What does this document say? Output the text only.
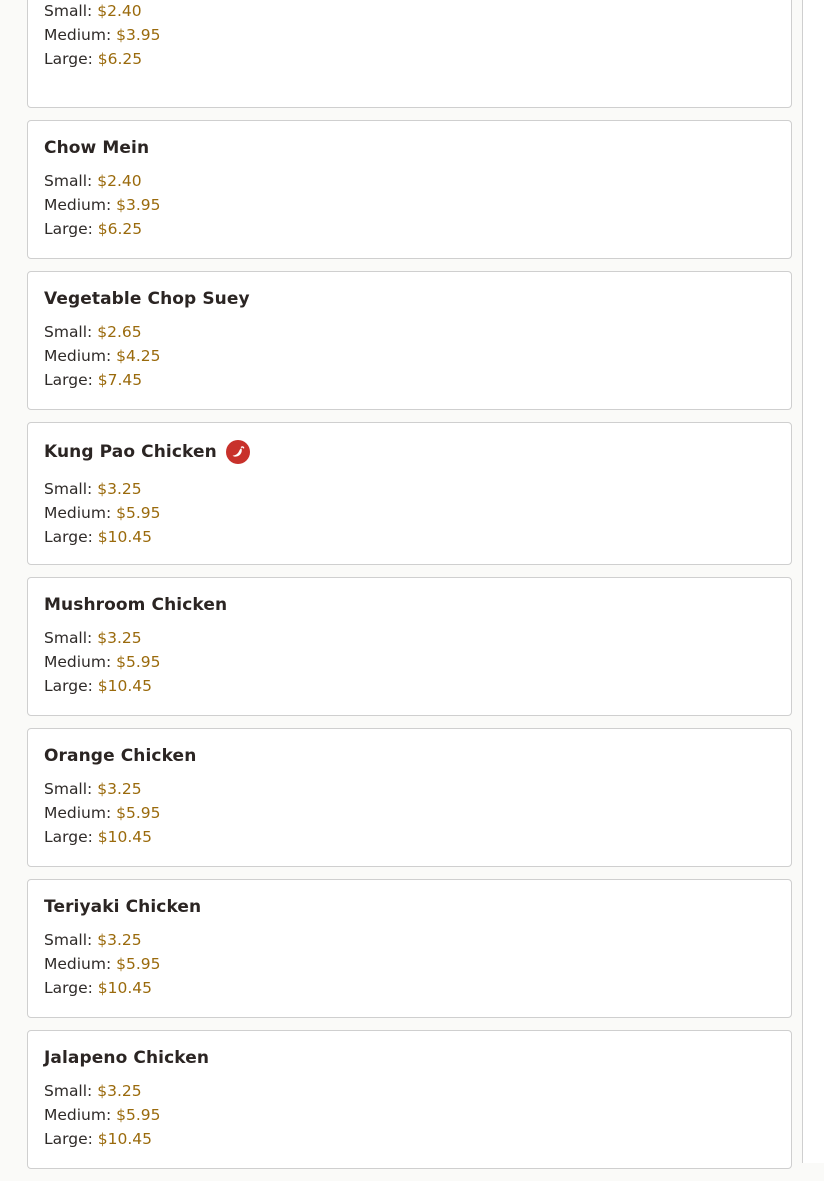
Small: $2.40
Medium: $3.95
Large: $6.25
Chow Mein
Small: $2.40
Medium: $3.95
Large: $6.25
Vegetable Chop Suey
Small: $2.65
Medium: $4.25
Large: $7.45
Kung Pao Chicken
Small: $3.25
Medium: $5.95
Large: $10.45
Mushroom Chicken
Small: $3.25
Medium: $5.95
Large: $10.45
Orange Chicken
Small: $3.25
Medium: $5.95
Large: $10.45
Teriyaki Chicken
Small: $3.25
Medium: $5.95
Large: $10.45
Jalapeno Chicken
Small: $3.25
Medium: $5.95
Large: $10.45
